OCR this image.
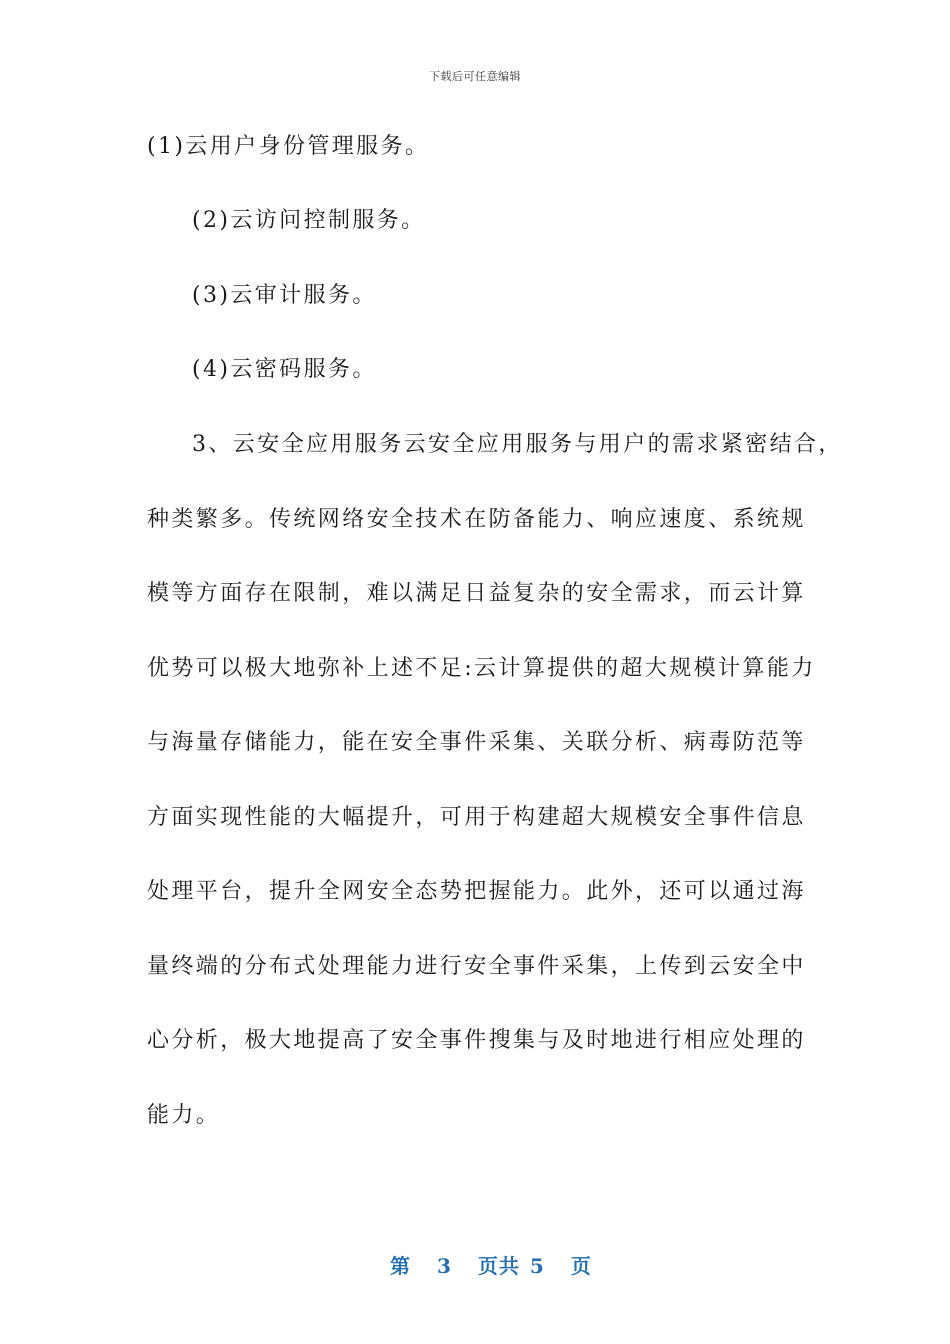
下载后可任意编辑
(1)云用户身份管理服务。
(2)云访问控制服务。
(3)云审计服务。
(4)云密码服务。
3、云安全应用服务云安全应用服务与用户的需求紧密结合，
种类繁多。传统网络安全技术在防备能力、响应速度、系统规
模等方面存在限制，难以满足日益复杂的安全需求，而云计算
优势可以极大地弥补上述不足:云计算提供的超大规模计算能力
与海量存储能力，能在安全事件采集、关联分析、病毒防范等
方面实现性能的大幅提升，可用于构建超大规模安全事件信息
处理平台，提升全网安全态势把握能力。此外，还可以通过海
量终端的分布式处理能力进行安全事件采集，上传到云安全中
心分析，极大地提高了安全事件搜集与及时地进行相应处理的
能力。

第 3 页共 5 页
